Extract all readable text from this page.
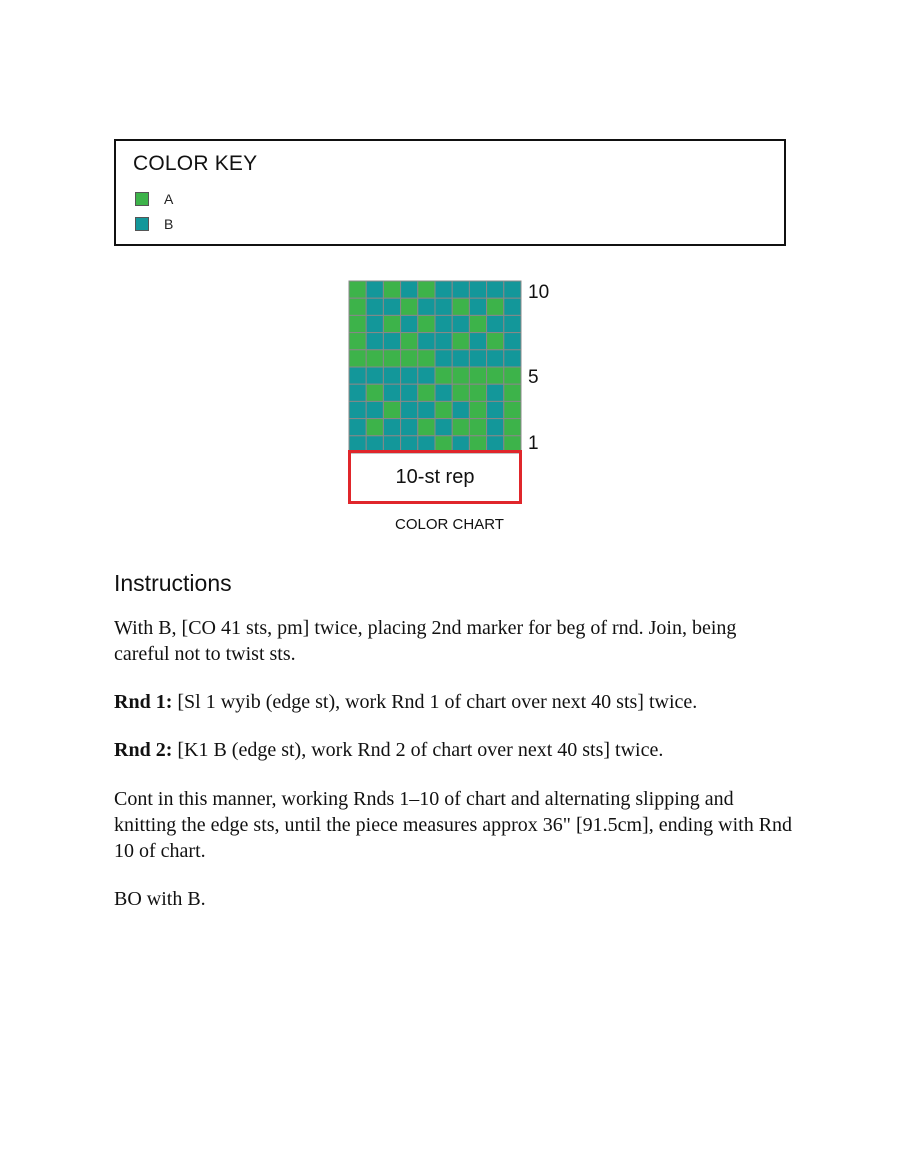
COLOR KEY
A
B
10
5
1
10-st rep
COLOR CHART
Instructions

With B, [CO 41 sts, pm] twice, placing 2nd marker for beg of rnd. Join, being careful not to twist sts.

Rnd 1: [Sl 1 wyib (edge st), work Rnd 1 of chart over next 40 sts] twice.

Rnd 2: [K1 B (edge st), work Rnd 2 of chart over next 40 sts] twice.

Cont in this manner, working Rnds 1–10 of chart and alternating slipping and knitting the edge sts, until the piece measures approx 36" [91.5cm], ending with Rnd 10 of chart.

BO with B.
